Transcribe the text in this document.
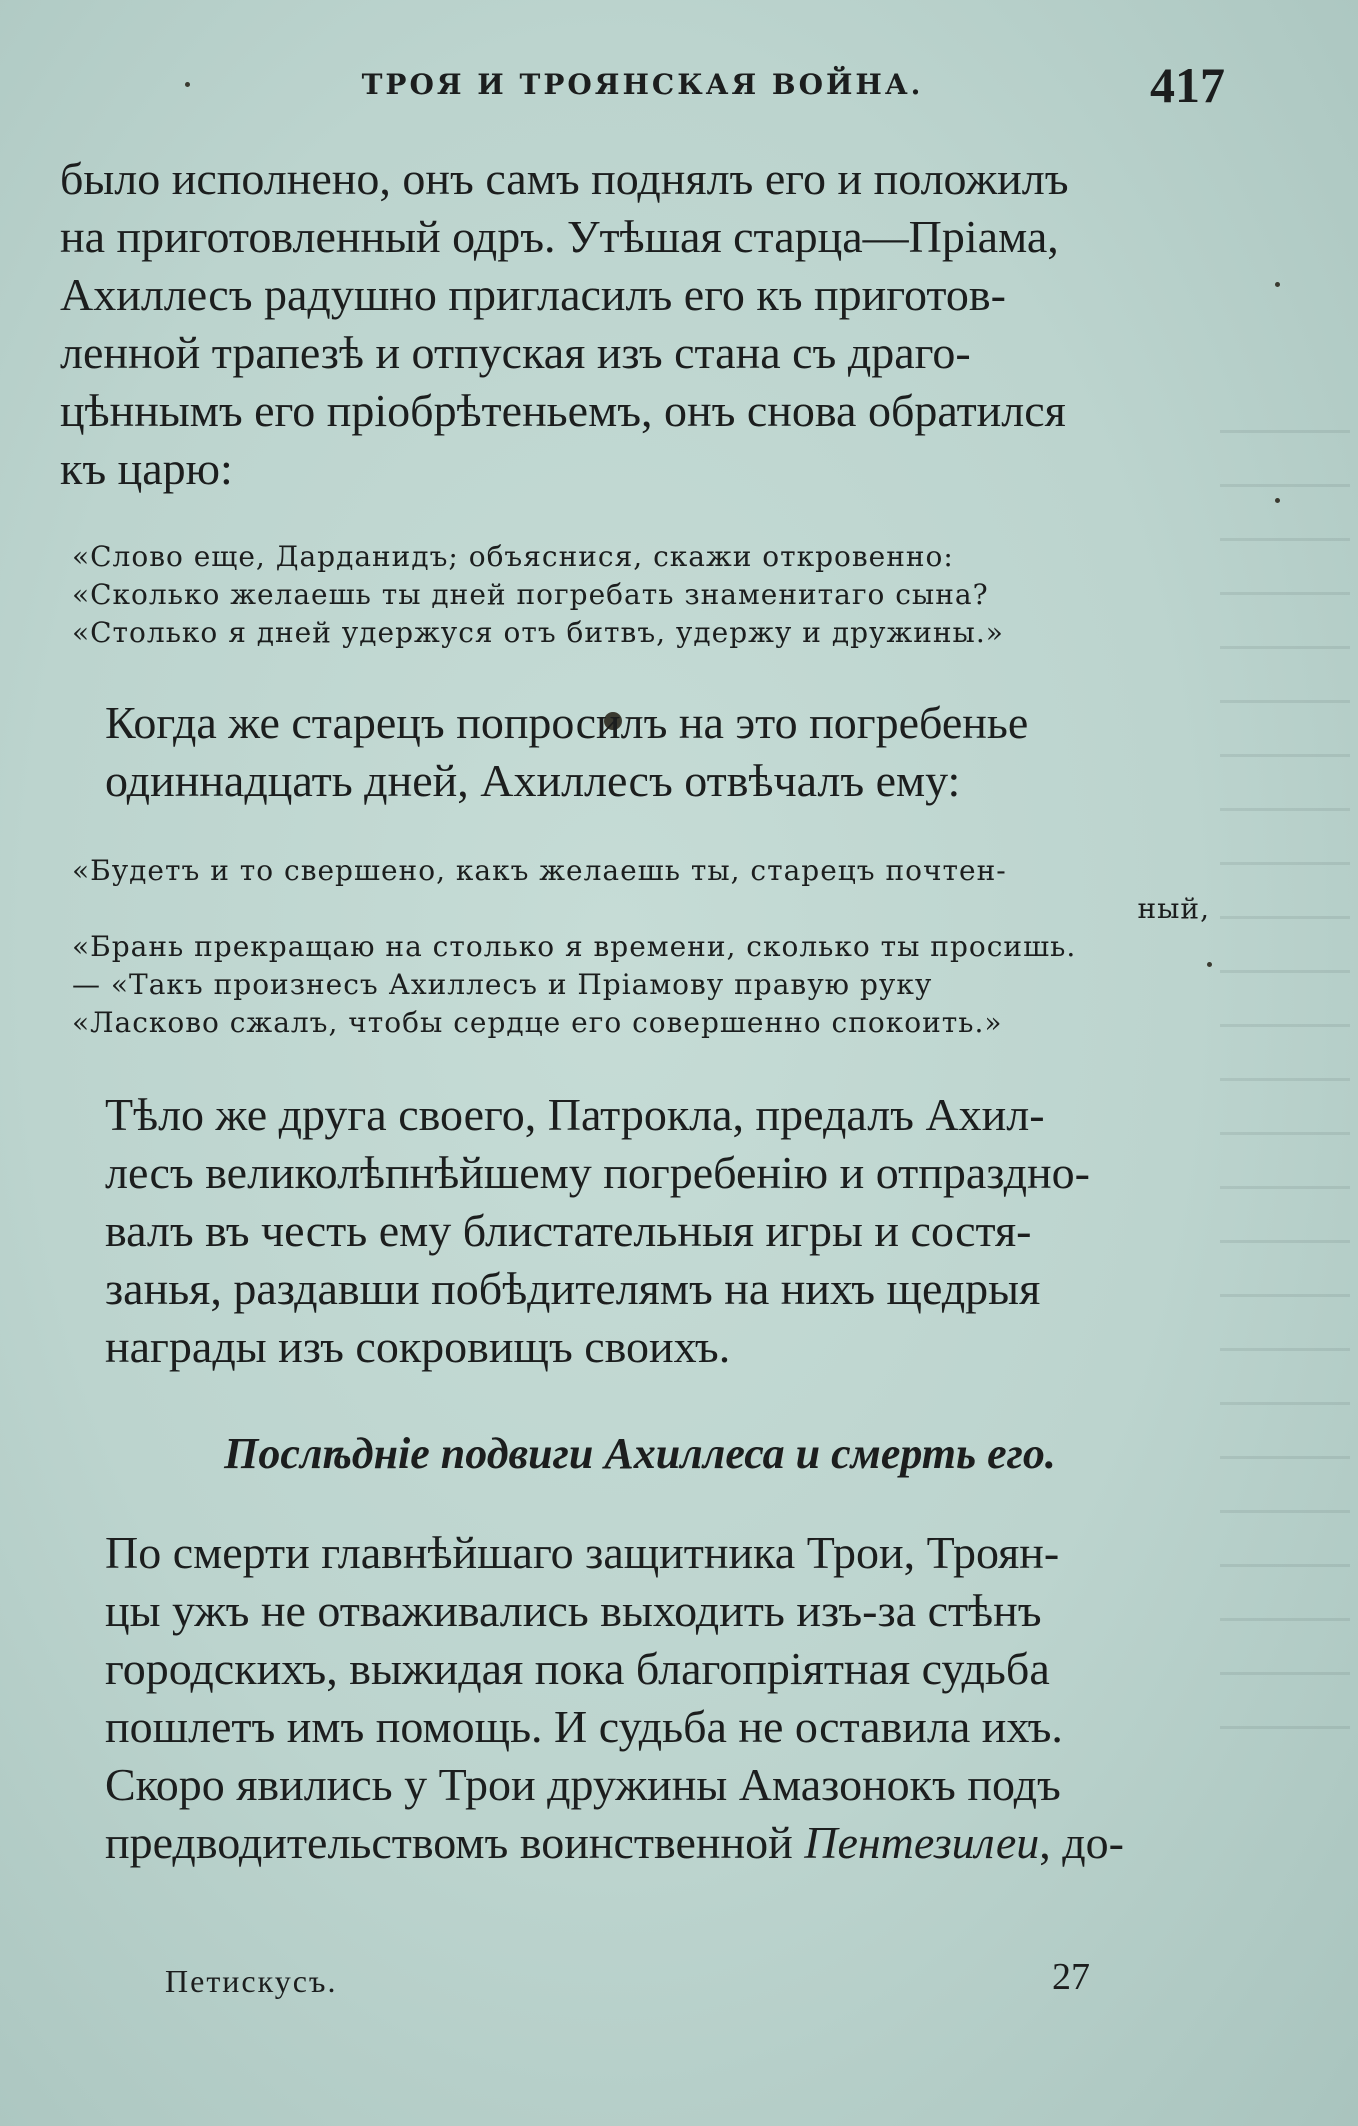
ТРОЯ И ТРОЯНСКАЯ ВОЙНА.	417
было исполнено, онъ самъ поднялъ его и положилъ
на приготовленный одръ. Утѣшая старца—Пріама,
Ахиллесъ радушно пригласилъ его къ приготов-
ленной трапезѣ и отпуская изъ стана съ драго-
цѣннымъ его пріобрѣтеньемъ, онъ снова обратился
къ царю:
«Слово еще, Дарданидъ; объяснися, скажи откровенно:
«Сколько желаешь ты дней погребать знаменитаго сына?
«Столько я дней удержуся отъ битвъ, удержу и дружины.»
Когда же старецъ попросилъ на это погребенье
одиннадцать дней, Ахиллесъ отвѣчалъ ему:
«Будетъ и то свершено, какъ желаешь ты, старецъ почтен-
ный,
«Брань прекращаю на столько я времени, сколько ты просишь.
— «Такъ произнесъ Ахиллесъ и Пріамову правую руку
«Ласково сжалъ, чтобы сердце его совершенно спокоить.»
Тѣло же друга своего, Патрокла, предалъ Ахил-
лесъ великолѣпнѣйшему погребенію и отпраздно-
валъ въ честь ему блистательныя игры и состя-
занья, раздавши побѣдителямъ на нихъ щедрыя
награды изъ сокровищъ своихъ.
Послѣдніе подвиги Ахиллеса и смерть его.
По смерти главнѣйшаго защитника Трои, Троян-
цы ужъ не отваживались выходить изъ-за стѣнъ
городскихъ, выжидая пока благопріятная судьба
пошлетъ имъ помощь. И судьба не оставила ихъ.
Скоро явились у Трои дружины Амазонокъ подъ
предводительствомъ воинственной Пентезилеи, до-
Петискусъ.	27
